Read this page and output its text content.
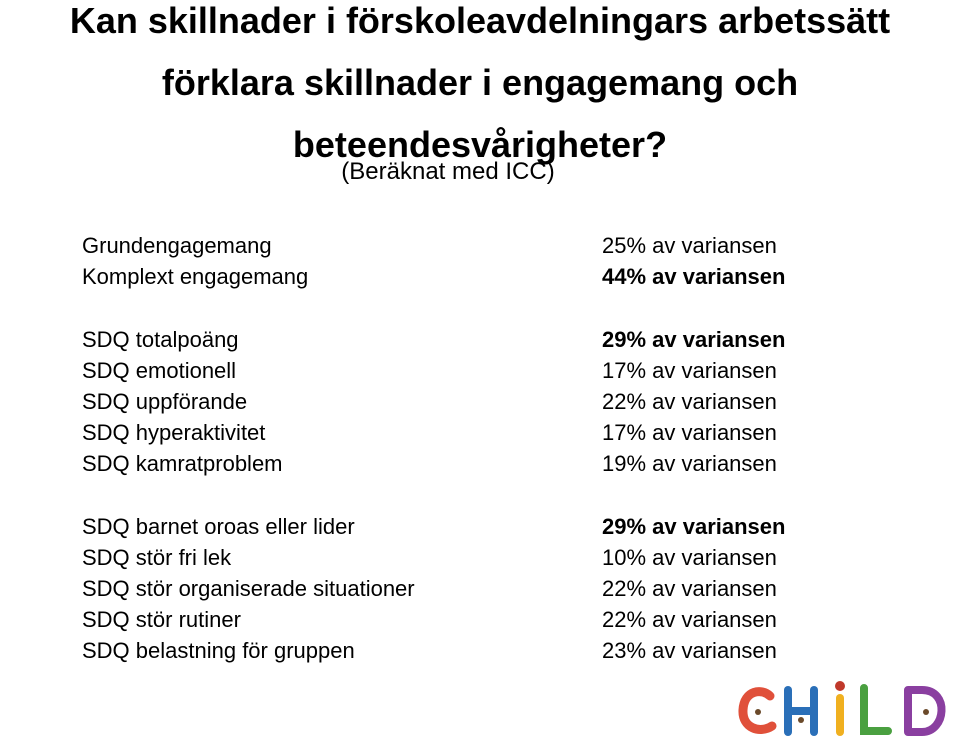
Kan skillnader i förskoleavdelningars arbetssätt
förklara skillnader i engagemang och
beteendesvårigheter?
(Beräknat med ICC)
Grundengagemang
Komplext engagemang
25% av variansen
44% av variansen
SDQ totalpoäng
SDQ emotionell
SDQ uppförande
SDQ hyperaktivitet
SDQ kamratproblem
29% av variansen
17% av variansen
22% av variansen
17% av variansen
19% av variansen
SDQ barnet oroas eller lider
SDQ stör fri lek
SDQ stör organiserade situationer
SDQ stör rutiner
SDQ belastning för gruppen
29% av variansen
10% av variansen
22% av variansen
22% av variansen
23% av variansen
